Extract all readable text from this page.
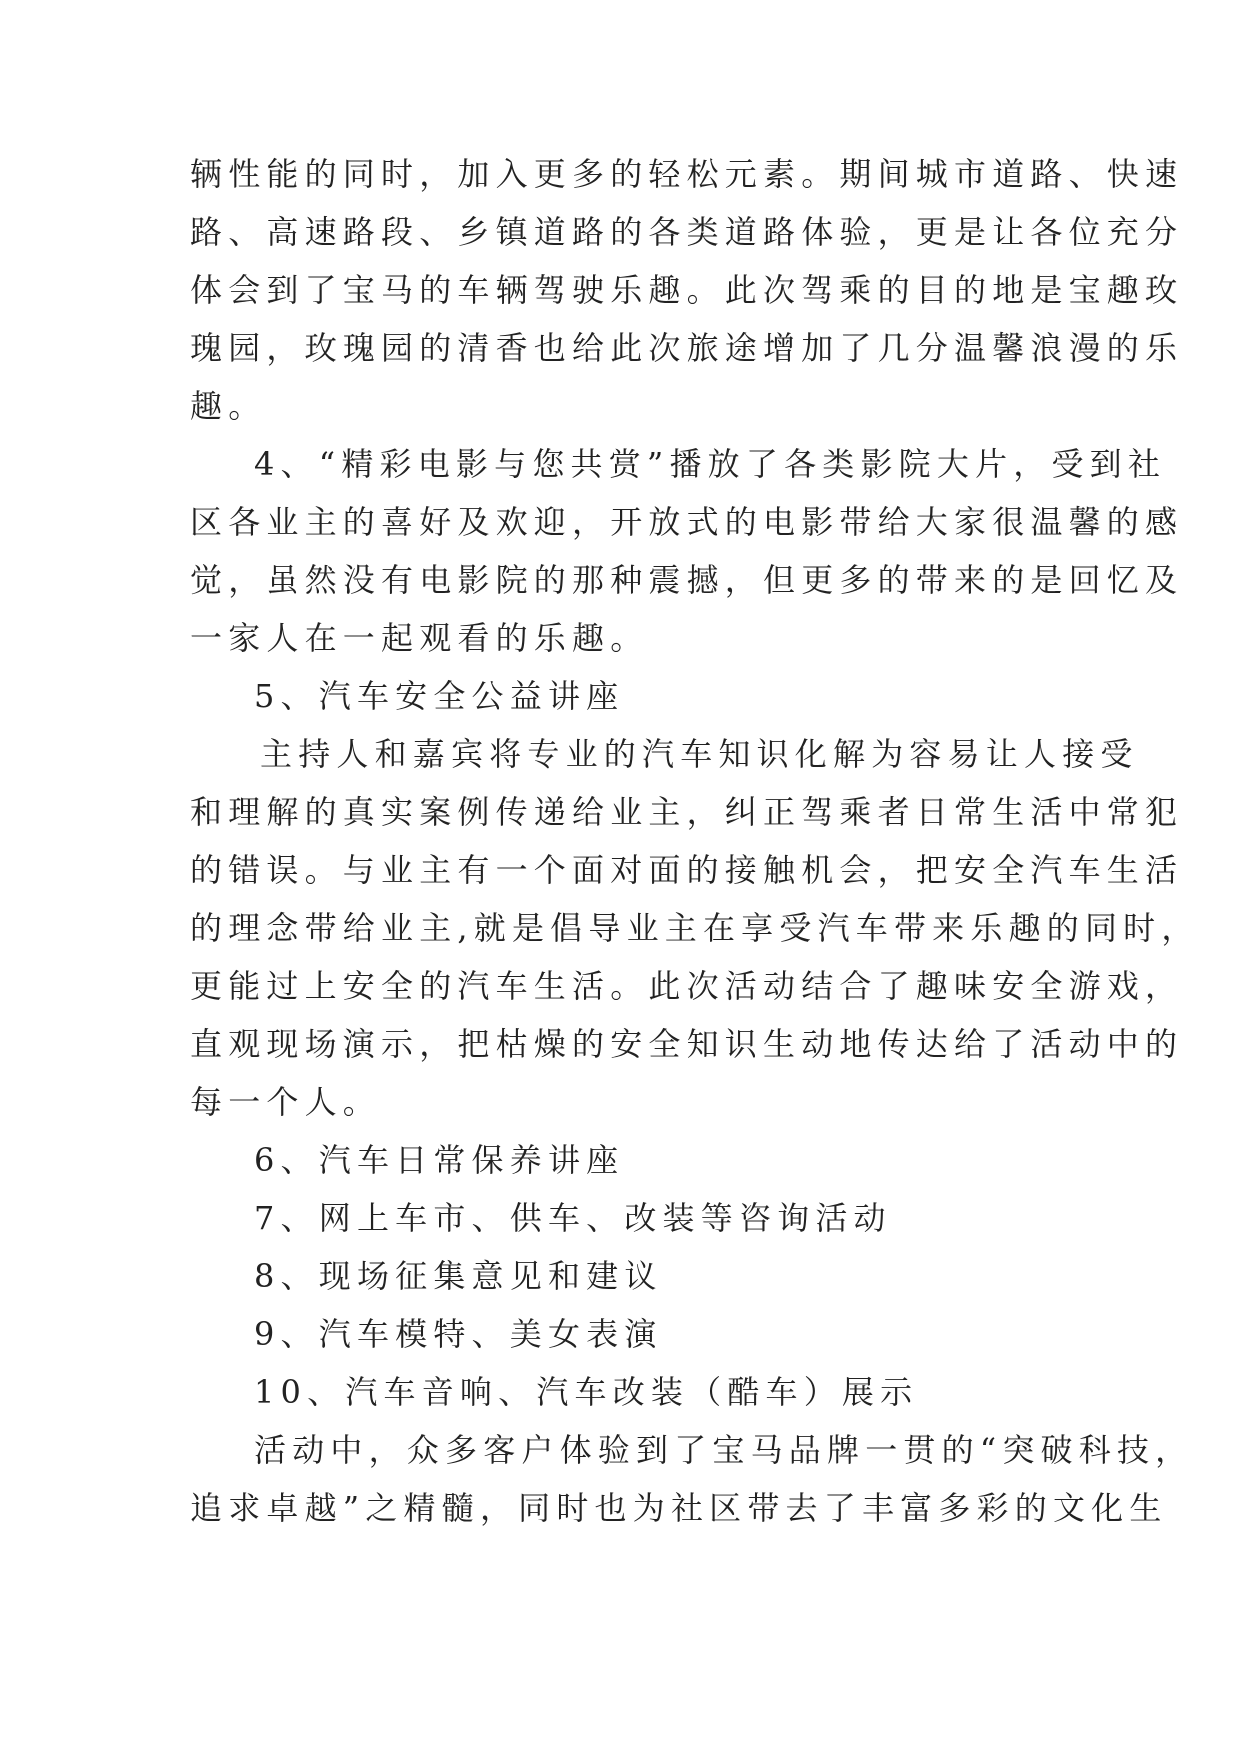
辆性能的同时，加入更多的轻松元素。期间城市道路、快速
路、高速路段、乡镇道路的各类道路体验，更是让各位充分
体会到了宝马的车辆驾驶乐趣。此次驾乘的目的地是宝趣玫
瑰园，玫瑰园的清香也给此次旅途增加了几分温馨浪漫的乐
趣。
4、“精彩电影与您共赏”播放了各类影院大片，受到社
区各业主的喜好及欢迎，开放式的电影带给大家很温馨的感
觉，虽然没有电影院的那种震撼，但更多的带来的是回忆及
一家人在一起观看的乐趣。
5、汽车安全公益讲座
主持人和嘉宾将专业的汽车知识化解为容易让人接受
和理解的真实案例传递给业主，纠正驾乘者日常生活中常犯
的错误。与业主有一个面对面的接触机会，把安全汽车生活
的理念带给业主,就是倡导业主在享受汽车带来乐趣的同时，
更能过上安全的汽车生活。此次活动结合了趣味安全游戏，
直观现场演示，把枯燥的安全知识生动地传达给了活动中的
每一个人。
6、汽车日常保养讲座
7、网上车市、供车、改装等咨询活动
8、现场征集意见和建议
9、汽车模特、美女表演
10、汽车音响、汽车改装（酷车）展示
活动中，众多客户体验到了宝马品牌一贯的“突破科技，
追求卓越”之精髓，同时也为社区带去了丰富多彩的文化生
